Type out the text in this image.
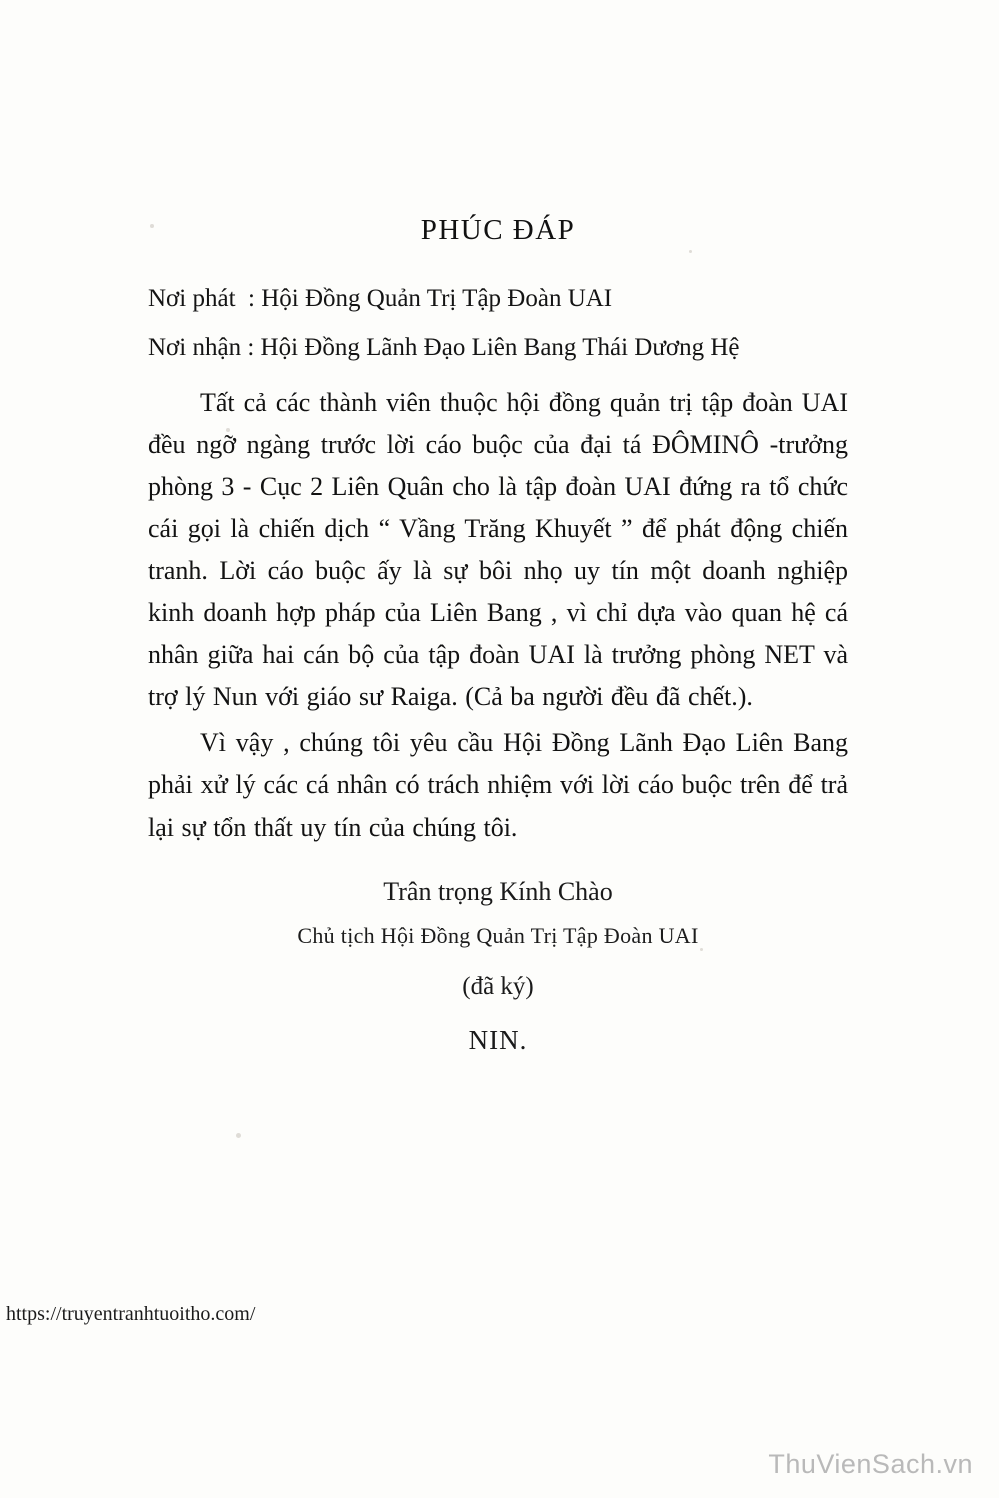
PHÚC ĐÁP

Nơi phát  : Hội Đồng Quản Trị Tập Đoàn UAI

Nơi nhận : Hội Đồng Lãnh Đạo Liên Bang Thái Dương Hệ

Tất cả các thành viên thuộc hội đồng quản trị tập đoàn UAI đều ngỡ ngàng trước lời cáo buộc của đại tá ĐÔMINÔ -trưởng phòng 3 - Cục 2 Liên Quân cho là tập đoàn UAI đứng ra tổ chức cái gọi là chiến dịch “ Vầng Trăng Khuyết ” để phát động chiến tranh. Lời cáo buộc ấy là sự bôi nhọ uy tín một doanh nghiệp kinh doanh hợp pháp của Liên Bang , vì chỉ dựa vào quan hệ cá nhân giữa hai cán bộ của tập đoàn UAI là trưởng phòng NET và trợ lý Nun với giáo sư Raiga. (Cả ba người đều đã chết.).

Vì vậy , chúng tôi yêu cầu Hội Đồng Lãnh Đạo Liên Bang phải xử lý các cá nhân có trách nhiệm với lời cáo buộc trên để trả lại sự tổn thất uy tín của chúng tôi.

Trân trọng Kính Chào
Chủ tịch Hội Đồng Quản Trị Tập Đoàn UAI
(đã ký)
NIN.
https://truyentranhtuoitho.com/
ThuVienSach.vn
